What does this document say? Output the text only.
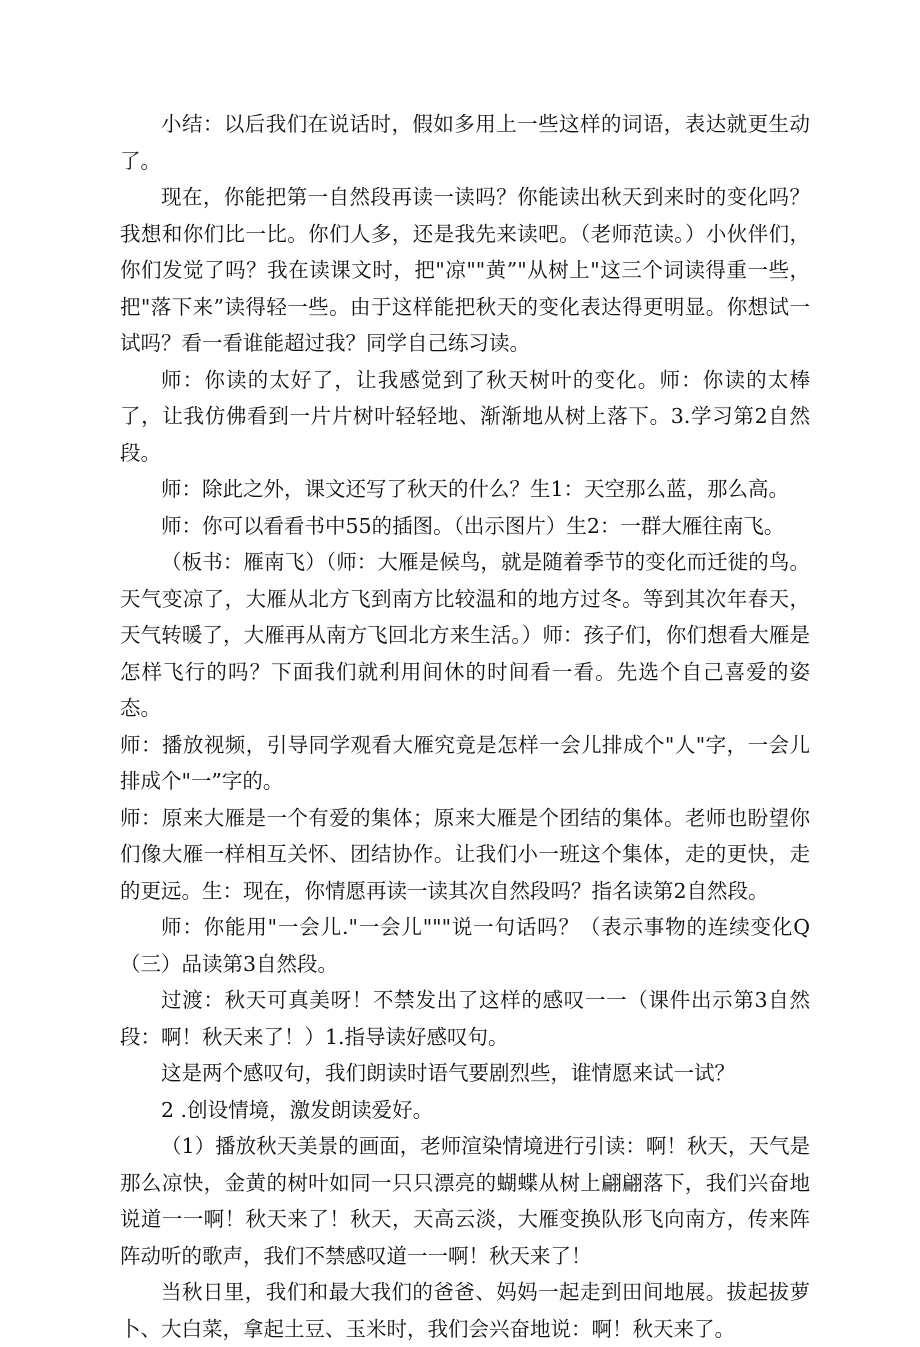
小结：以后我们在说话时，假如多用上一些这样的词语，表达就更生动了。

现在，你能把第一自然段再读一读吗？你能读出秋天到来时的变化吗？我想和你们比一比。你们人多，还是我先来读吧。（老师范读。）小伙伴们，你们发觉了吗？我在读课文时，把"凉""黄”"从树上"这三个词读得重一些，把"落下来”读得轻一些。由于这样能把秋天的变化表达得更明显。你想试一试吗？看一看谁能超过我？同学自己练习读。

师：你读的太好了，让我感觉到了秋天树叶的变化。师：你读的太棒了，让我仿佛看到一片片树叶轻轻地、渐渐地从树上落下。3.学习第2自然段。

师：除此之外，课文还写了秋天的什么？生1：天空那么蓝，那么高。

师：你可以看看书中55的插图。（出示图片）生2：一群大雁往南飞。

（板书：雁南飞）（师：大雁是候鸟，就是随着季节的变化而迁徙的鸟。天气变凉了，大雁从北方飞到南方比较温和的地方过冬。等到其次年春天，天气转暖了，大雁再从南方飞回北方来生活。）师：孩子们，你们想看大雁是怎样飞行的吗？下面我们就利用间休的时间看一看。先选个自己喜爱的姿态。

师：播放视频，引导同学观看大雁究竟是怎样一会儿排成个"人"字，一会儿排成个"一”字的。

师：原来大雁是一个有爱的集体；原来大雁是个团结的集体。老师也盼望你们像大雁一样相互关怀、团结协作。让我们小一班这个集体，走的更快，走的更远。生：现在，你情愿再读一读其次自然段吗？指名读第2自然段。

师：你能用"一会儿."一会儿"""说一句话吗？（表示事物的连续变化Q（三）品读第3自然段。

过渡：秋天可真美呀！不禁发出了这样的感叹一一（课件出示第3自然段：啊！秋天来了！）1.指导读好感叹句。

这是两个感叹句，我们朗读时语气要剧烈些，谁情愿来试一试？

2 .创设情境，激发朗读爱好。

（1）播放秋天美景的画面，老师渲染情境进行引读：啊！秋天，天气是那么凉快，金黄的树叶如同一只只漂亮的蝴蝶从树上翩翩落下，我们兴奋地说道一一啊！秋天来了！秋天，天高云淡，大雁变换队形飞向南方，传来阵阵动听的歌声，我们不禁感叹道一一啊！秋天来了！

当秋日里，我们和最大我们的爸爸、妈妈一起走到田间地展。拔起拔萝卜、大白菜，拿起土豆、玉米时，我们会兴奋地说：啊！秋天来了。
